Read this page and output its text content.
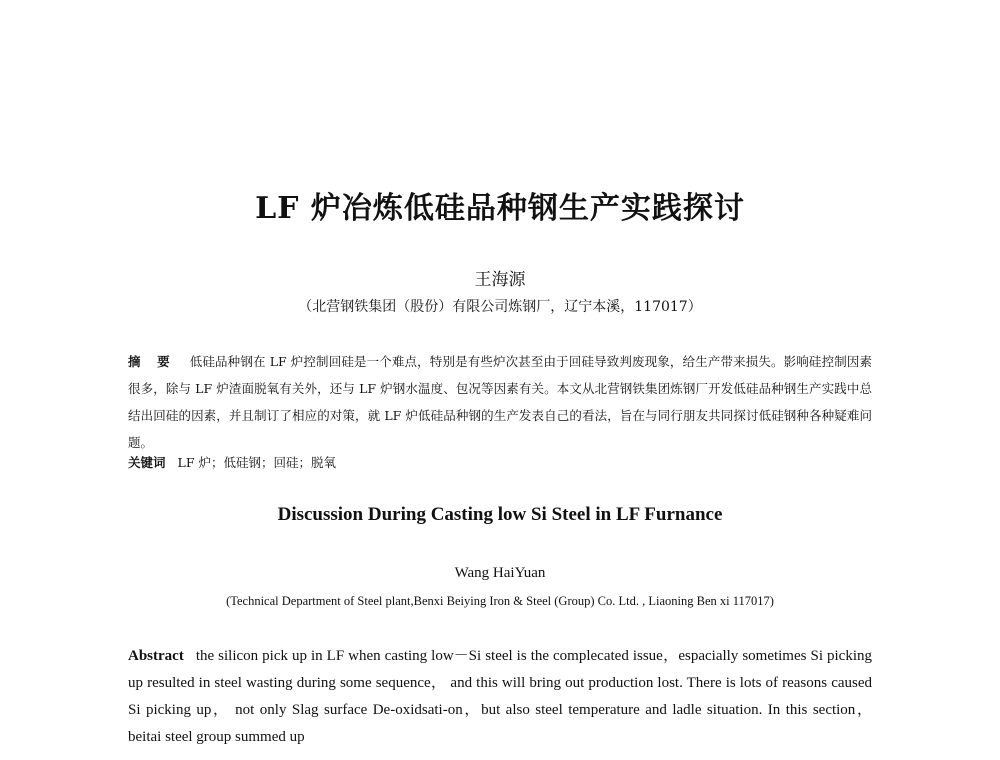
LF 炉冶炼低硅品种钢生产实践探讨
王海源
（北营钢铁集团（股份）有限公司炼钢厂，辽宁本溪，117017）

摘 要 低硅品种钢在 LF 炉控制回硅是一个难点，特别是有些炉次甚至由于回硅导致判废现象，给生产带来损失。影响硅控制因素很多，除与 LF 炉渣面脱氧有关外，还与 LF 炉钢水温度、包况等因素有关。本文从北营钢铁集团炼钢厂开发低硅品种钢生产实践中总结出回硅的因素，并且制订了相应的对策，就 LF 炉低硅品种钢的生产发表自己的看法，旨在与同行朋友共同探讨低硅钢种各种疑难问题。

关键词 LF 炉；低硅钢；回硅；脱氧

Discussion During Casting low Si Steel in LF Furnance
Wang HaiYuan
(Technical Department of Steel plant,Benxi Beiying Iron & Steel (Group) Co. Ltd. , Liaoning Ben xi 117017)

Abstract the silicon pick up in LF when casting low－Si steel is the complecated issue，espacially sometimes Si picking up resulted in steel wasting during some sequence， and this will bring out production lost. There is lots of reasons caused Si picking up， not only Slag surface De-oxidsati-on，but also steel temperature and ladle situation. In this section， beitai steel group summed up
